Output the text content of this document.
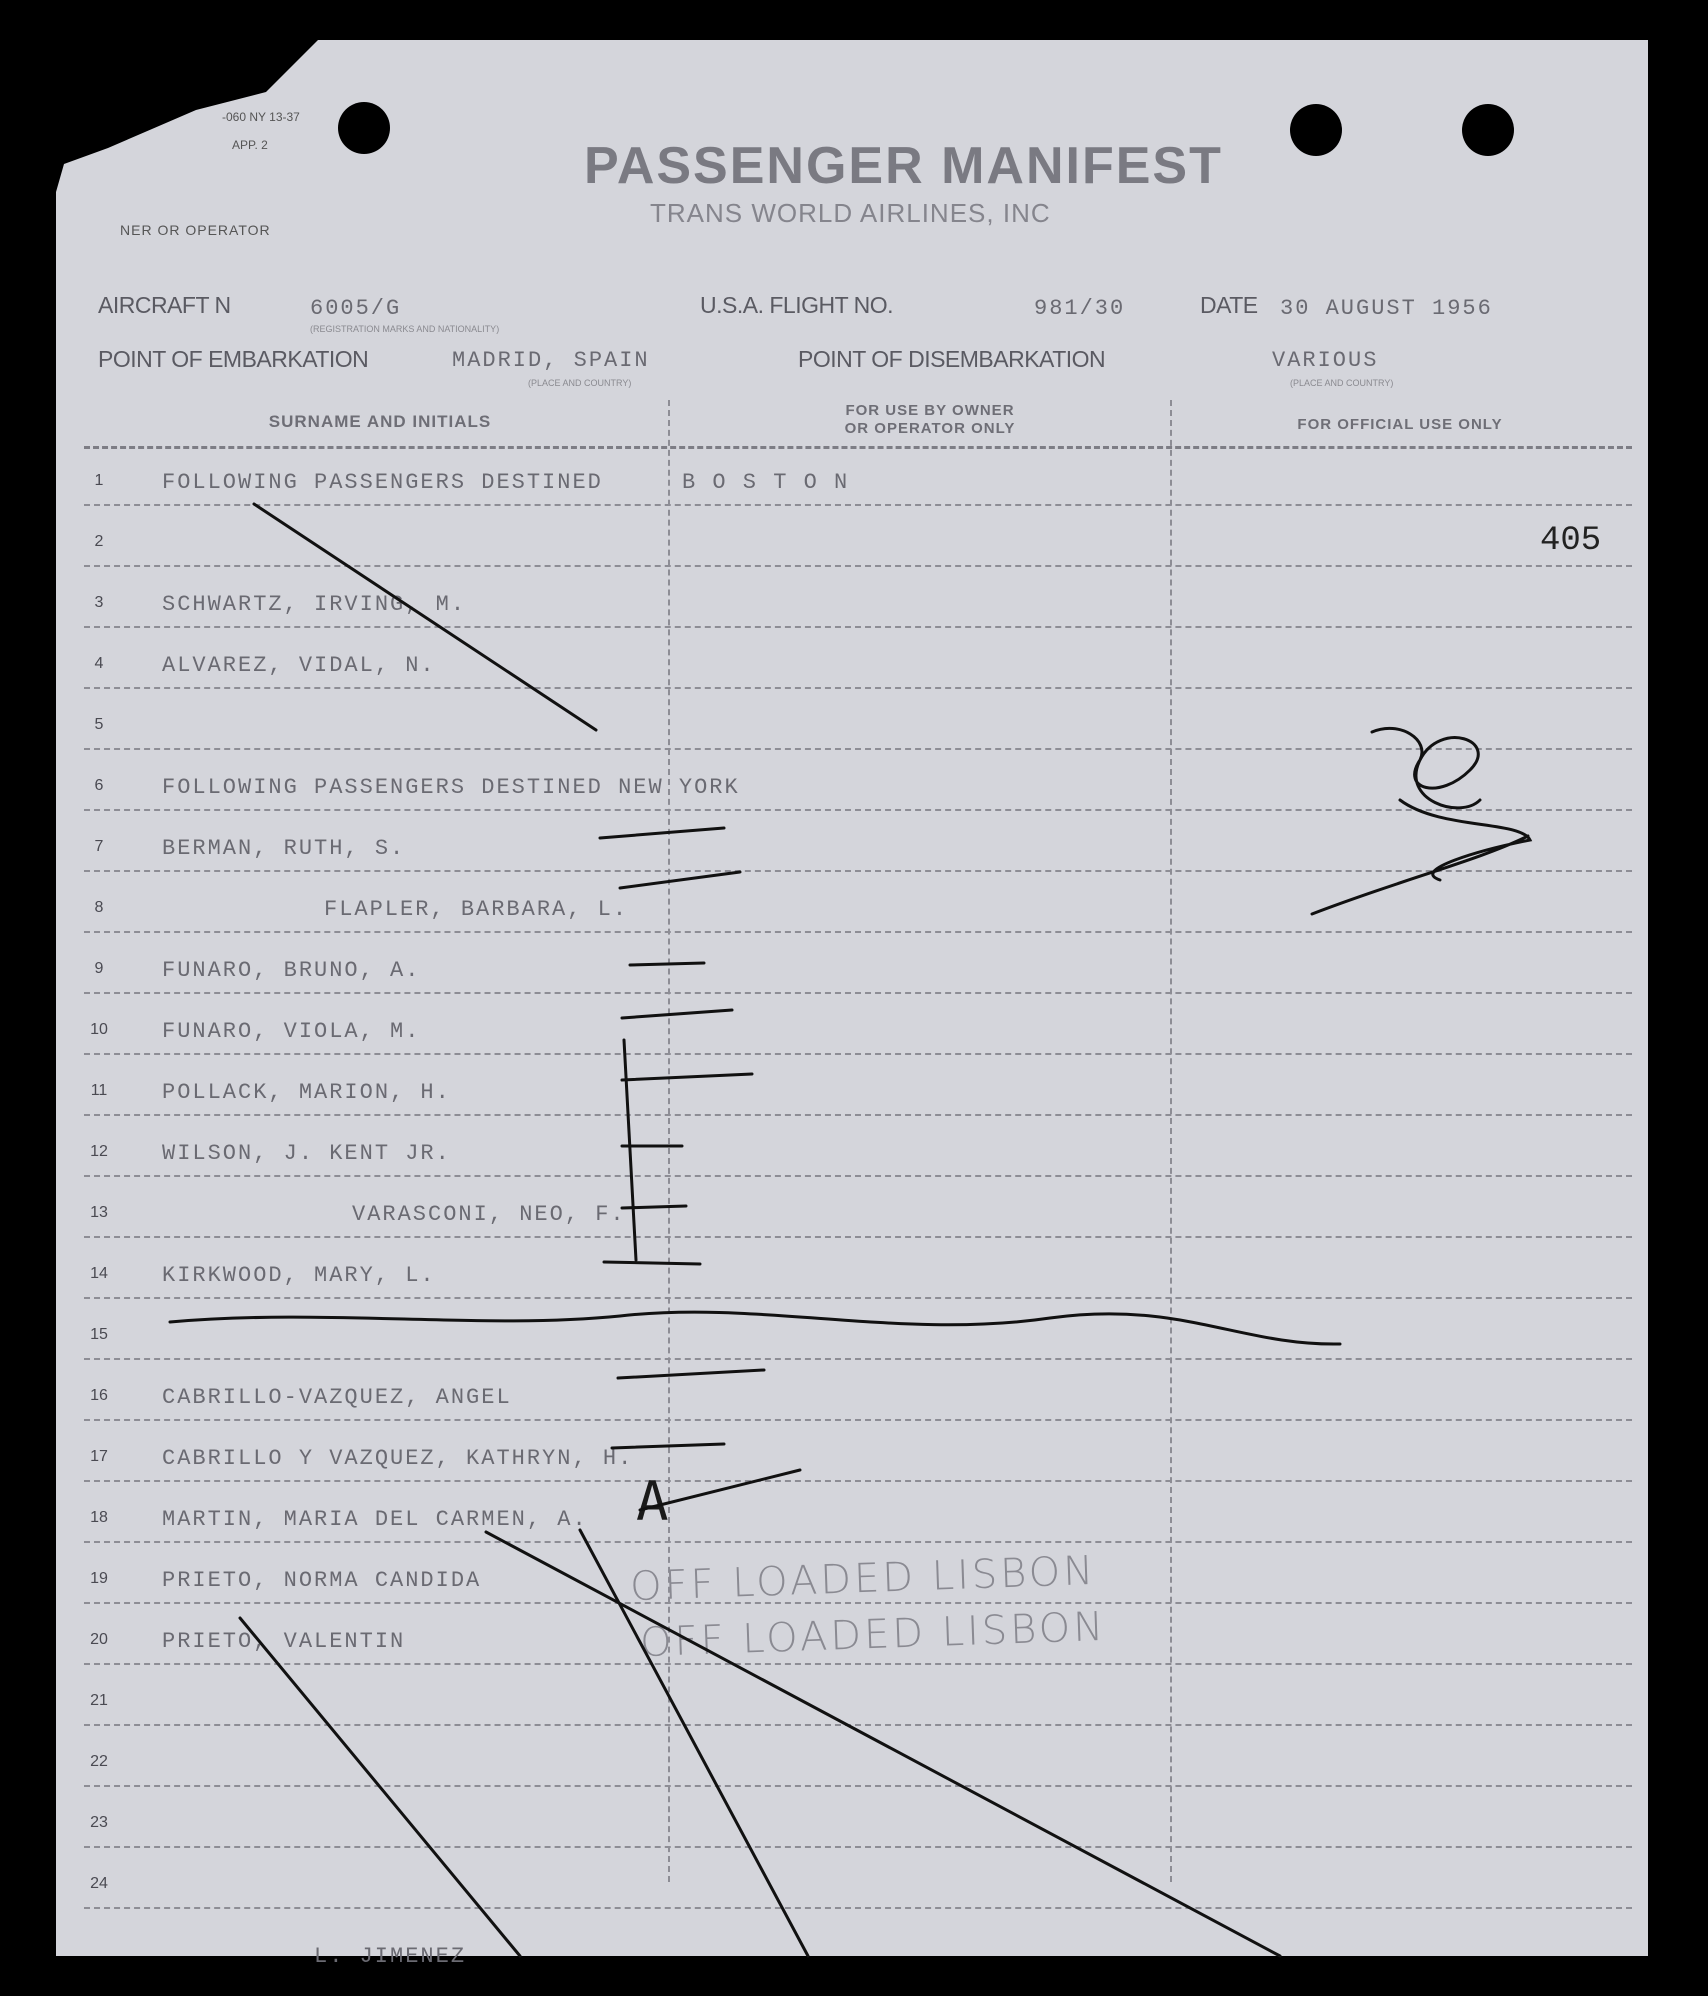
-060 NY 13-37
APP. 2	PASSENGER MANIFEST
TRANS WORLD AIRLINES, INC
NER OR OPERATOR
AIRCRAFT N	6005/G
(REGISTRATION MARKS AND NATIONALITY)
U.S.A. FLIGHT NO.	981/30	DATE 30 AUGUST 1956
POINT OF EMBARKATION	MADRID, SPAIN
(PLACE AND COUNTRY)
POINT OF DISEMBARKATION	VARIOUS
(PLACE AND COUNTRY)
SURNAME AND INITIALS
FOR USE BY OWNER
OR OPERATOR ONLY	FOR OFFICIAL USE ONLY
405
1	FOLLOWING PASSENGERS DESTINED	B O S T O N
2
3	SCHWARTZ, IRVING, M.
4	ALVAREZ, VIDAL, N.
5
6	FOLLOWING PASSENGERS DESTINED NEW YORK
7	BERMAN, RUTH, S.
8	FLAPLER, BARBARA, L.
9	FUNARO, BRUNO, A.
10 FUNARO, VIOLA, M.
11	POLLACK, MARION, H.
12 WILSON, J. KENT JR.
13	VARASCONI, NEO, F.
14 KIRKWOOD, MARY, L.
15
16 CABRILLO-VAZQUEZ, ANGEL
17 CABRILLO Y VAZQUEZ, KATHRYN, H.
18 MARTIN, MARIA DEL CARMEN, A.
19 PRIETO, NORMA CANDIDA
20 PRIETO, VALENTIN
21
22
23
24
L. JIMENEZ
A
OFF LOADED LISBON
OFF LOADED LISBON
